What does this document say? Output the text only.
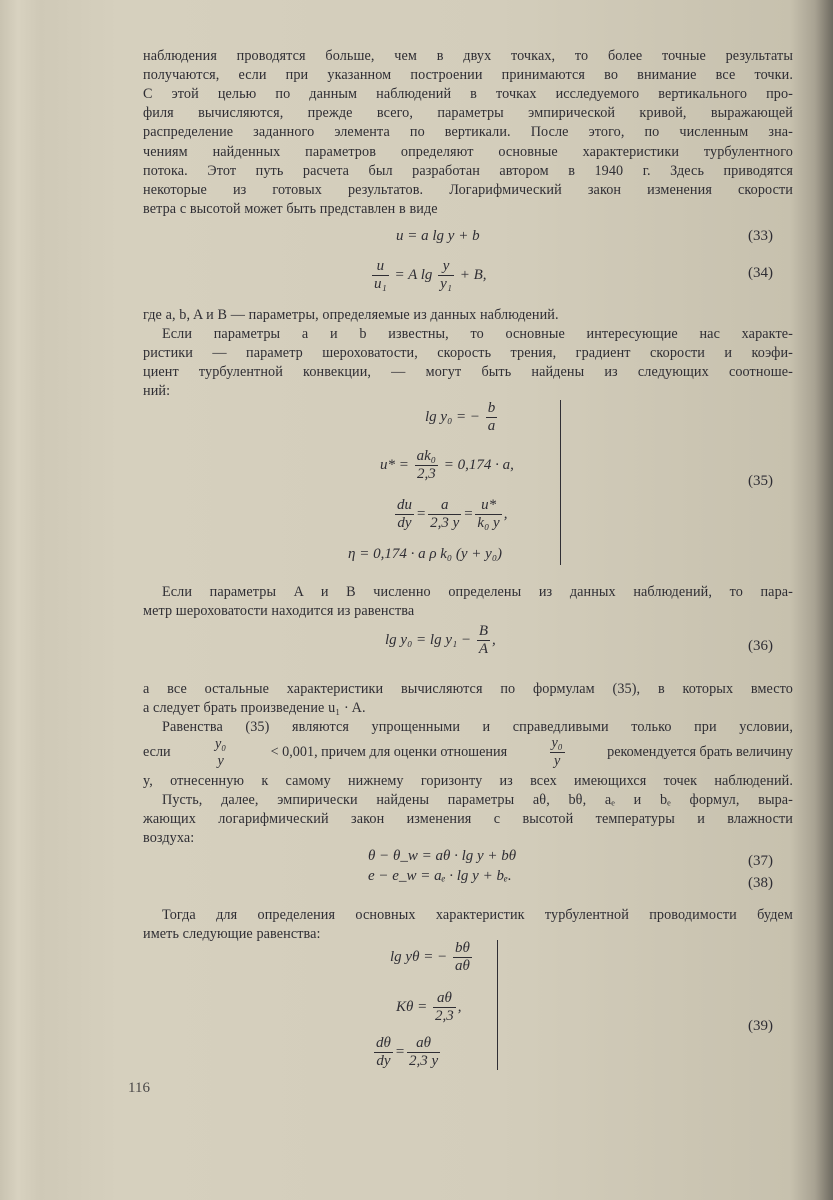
наблюдения проводятся больше, чем в двух точках, то более точные результаты
получаются, если при указанном построении принимаются во внимание все точки.
С этой целью по данным наблюдений в точках исследуемого вертикального про-
филя вычисляются, прежде всего, параметры эмпирической кривой, выражающей
распределение заданного элемента по вертикали. После этого, по численным зна-
чениям найденных параметров определяют основные характеристики турбулентного
потока. Этот путь расчета был разработан автором в 1940 г. Здесь приводятся
некоторые из готовых результатов. Логарифмический закон изменения скорости
ветра с высотой может быть представлен в виде
u = a lg y + b	(33)
$\frac{u}{\text{u₁}} = A$ $\lg \frac{y}{\text{y₁}} + B$,	(34)
где a, b, A и B — параметры, определяемые из данных наблюдений.
Если параметры a и b известны, то основные интересующие нас характе-
ристики — параметр шероховатости, скорость трения, градиент скорости и коэфи-
циент турбулентной конвекции, — могут быть найдены из следующих соотноше-
ний:
lg y₀ = − $\frac{b}{a}$
$u* = \frac{\text{ak₀}}{2,3} = 0,174 \cdot a$,
$\frac{du}{dy} = \frac{a}{2,3 y} = \frac{u*}{\text{k₀ y}}$ ,
η = 0,174 · a ρ k₀ (y + y₀)
(35)
Если параметры A и B численно определены из данных наблюдений, то пара-
метр шероховатости находится из равенства
$\lg y_0 = \lg y_1 - \frac{B}{A}$ ,	(36)
а все остальные характеристики вычисляются по формулам (35), в которых вместо
a следует брать произведение u₁ · A.
Равенства (35) являются упрощенными и справедливыми только при условии,
если
y₀
y
< 0,001, причем для оценки отношения	$\frac{\text{y₀}}{y}$	рекомендуется брать величину
y, отнесенную к самому нижнему горизонту из всех имеющихся точек наблюдений.
Пусть, далее, эмпирически найдены параметры aθ, bθ, aₑ и bₑ формул, выра-
жающих логарифмический закон изменения с высотой температуры и влажности
воздуха:
θ − θ_w = aθ · lg y + bθ	(37)
e − e_w = aₑ · lg y + bₑ.	(38)
Тогда для определения основных характеристик турбулентной проводимости будем
иметь следующие равенства:
lg yθ = − $\frac{b\theta}{a\theta}$
$K\theta = \frac{a\theta}{2,3}$ ,
$\frac{d\theta}{dy} = \frac{a\theta}{2,3 y}$
(39)
116
